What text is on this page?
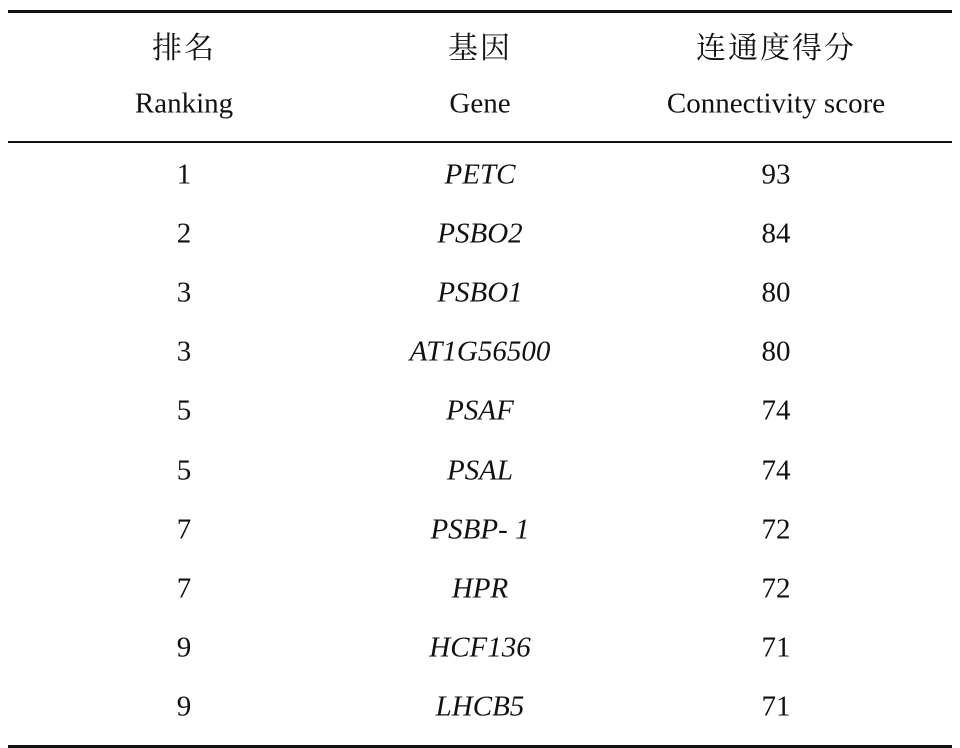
排名	基因	连通度得分
Ranking	Gene	Connectivity score
1	PETC	93
2	PSBO2	84
3	PSBO1	80
3	AT1G56500	80
5	PSAF	74
5	PSAL	74
7	PSBP- 1	72
7	HPR	72
9	HCF136	71
9	LHCB5	71
